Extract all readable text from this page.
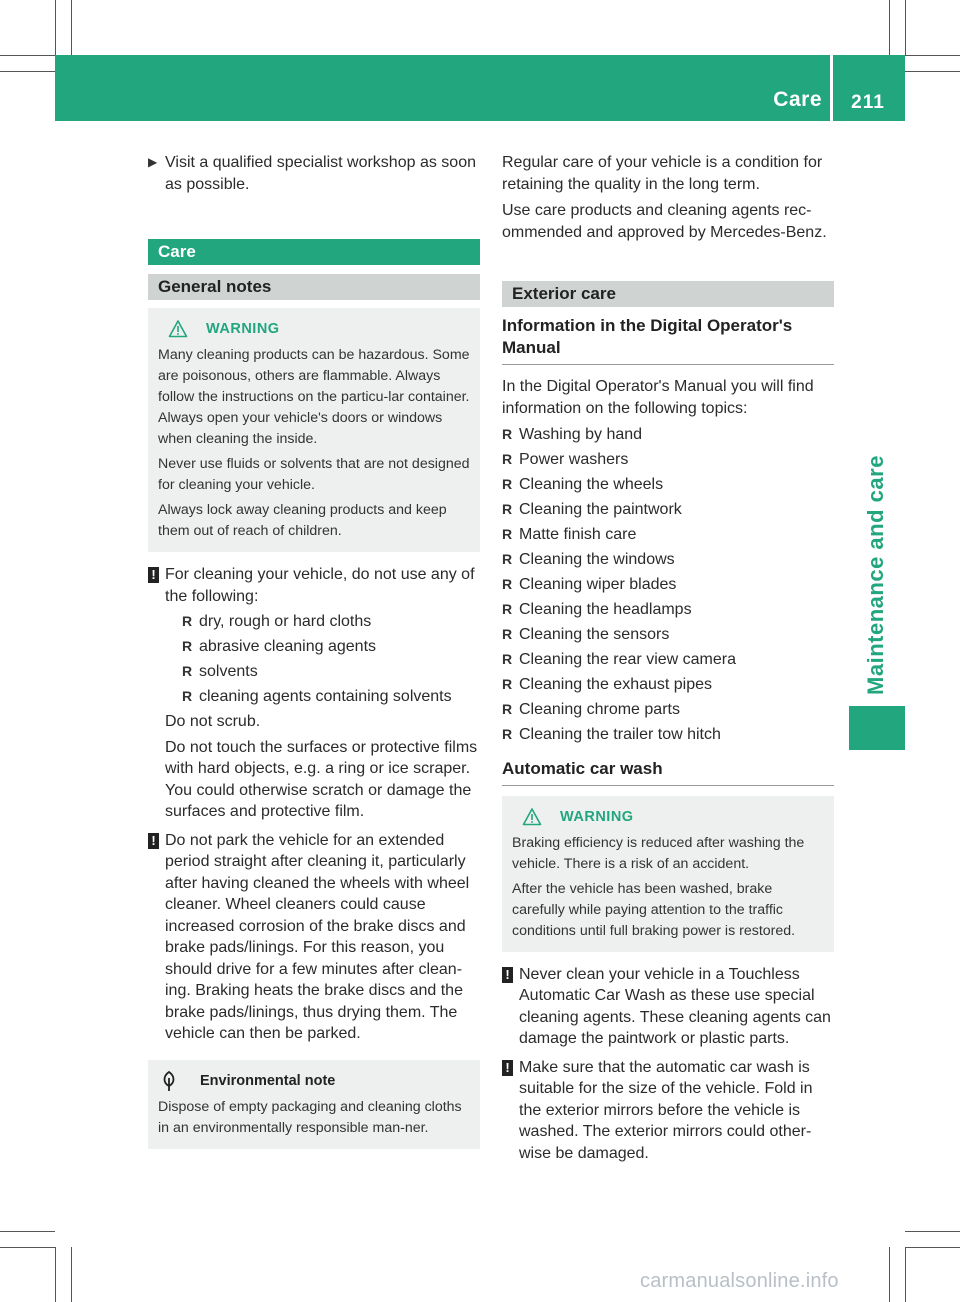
Care	211
Maintenance and care

▶ Visit a qualified specialist workshop as soon as possible.

Care
General notes
WARNING

Many cleaning products can be hazardous. Some are poisonous, others are flammable. Always follow the instructions on the particu-lar container. Always open your vehicle's doors or windows when cleaning the inside.

Never use fluids or solvents that are not designed for cleaning your vehicle.

Always lock away cleaning products and keep them out of reach of children.

! For cleaning your vehicle, do not use any of the following:

R dry, rough or hard cloths

R abrasive cleaning agents

R solvents

R cleaning agents containing solvents

Do not scrub.

Do not touch the surfaces or protective films with hard objects, e.g. a ring or ice scraper. You could otherwise scratch or damage the surfaces and protective film.

! Do not park the vehicle for an extended period straight after cleaning it, particularly after having cleaned the wheels with wheel cleaner. Wheel cleaners could cause increased corrosion of the brake discs and brake pads/linings. For this reason, you should drive for a few minutes after clean-ing. Braking heats the brake discs and the brake pads/linings, thus drying them. The vehicle can then be parked.

Environmental note

Dispose of empty packaging and cleaning cloths in an environmentally responsible man-ner.

Regular care of your vehicle is a condition for retaining the quality in the long term.

Use care products and cleaning agents rec-ommended and approved by Mercedes-Benz.

Exterior care
Information in the Digital Operator's Manual

In the Digital Operator's Manual you will find information on the following topics:

R Washing by hand

R Power washers

R Cleaning the wheels

R Cleaning the paintwork

R Matte finish care

R Cleaning the windows

R Cleaning wiper blades

R Cleaning the headlamps

R Cleaning the sensors

R Cleaning the rear view camera

R Cleaning the exhaust pipes

R Cleaning chrome parts

R Cleaning the trailer tow hitch

Automatic car wash
WARNING

Braking efficiency is reduced after washing the vehicle. There is a risk of an accident.

After the vehicle has been washed, brake carefully while paying attention to the traffic conditions until full braking power is restored.

! Never clean your vehicle in a Touchless Automatic Car Wash as these use special cleaning agents. These cleaning agents can damage the paintwork or plastic parts.

! Make sure that the automatic car wash is suitable for the size of the vehicle. Fold in the exterior mirrors before the vehicle is washed. The exterior mirrors could other-wise be damaged.

carmanualsonline.info
